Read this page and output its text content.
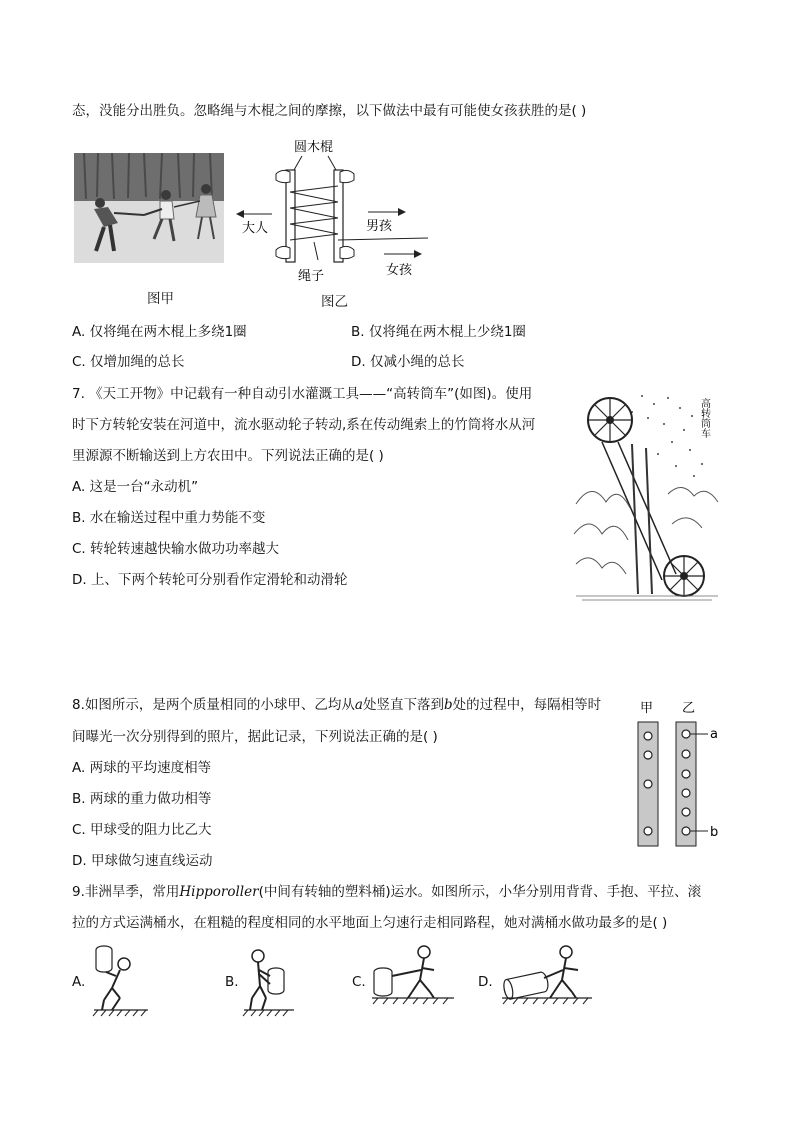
态，没能分出胜负。忽略绳与木棍之间的摩擦，以下做法中最有可能使女孩获胜的是( )
图甲
圆木棍
大人	男孩
女孩
绳子
图乙
A. 仅将绳在两木棍上多绕1圈	B. 仅将绳在两木棍上少绕1圈
C. 仅增加绳的总长	D. 仅减小绳的总长
7. 《天工开物》中记载有一种自动引水灌溉工具——“高转筒车”(如图)。使用
时下方转轮安装在河道中，流水驱动轮子转动,系在传动绳索上的竹筒将水从河
里源源不断输送到上方农田中。下列说法正确的是( )
A. 这是一台“永动机”
B. 水在输送过程中重力势能不变
C. 转轮转速越快输水做功功率越大
D. 上、下两个转轮可分别看作定滑轮和动滑轮
高转筒车
8.如图所示，是两个质量相同的小球甲、乙均从a处竖直下落到b处的过程中，每隔相等时
间曝光一次分别得到的照片，据此记录，下列说法正确的是( )
A. 两球的平均速度相等
B. 两球的重力做功相等
C. 甲球受的阻力比乙大
D. 甲球做匀速直线运动
甲 乙
a
b
9.非洲旱季，常用Hipporoller(中间有转轴的塑料桶)运水。如图所示，小华分别用背背、手抱、平拉、滚
拉的方式运满桶水，在粗糙的程度相同的水平地面上匀速行走相同路程，她对满桶水做功最多的是( )
A.	B.	C.	D.
